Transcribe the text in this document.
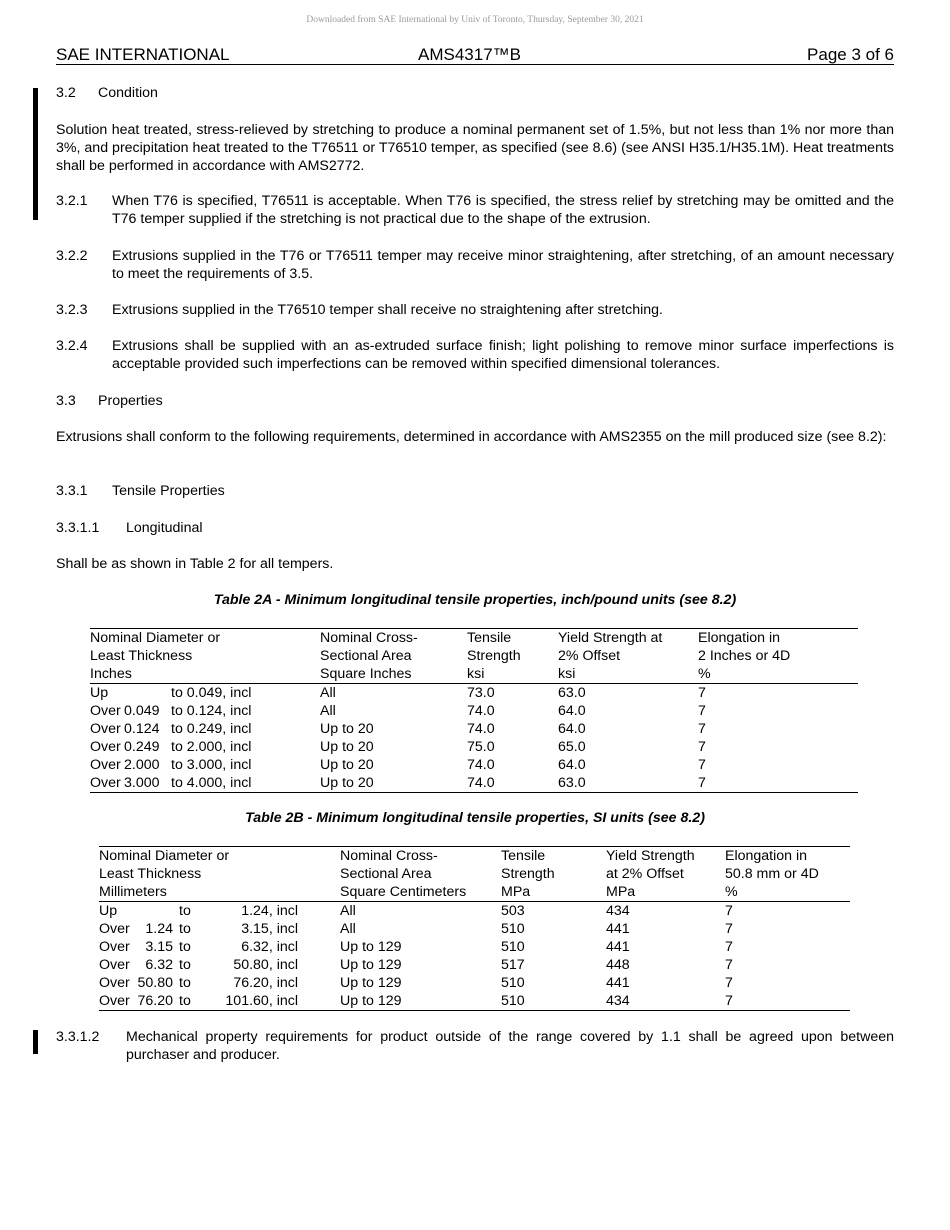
Downloaded from SAE International by Univ of Toronto, Thursday, September 30, 2021
SAE INTERNATIONAL	AMS4317™B	Page 3 of 6
3.2 Condition
Solution heat treated, stress-relieved by stretching to produce a nominal permanent set of 1.5%, but not less than 1% nor more than 3%, and precipitation heat treated to the T76511 or T76510 temper, as specified (see 8.6) (see ANSI H35.1/H35.1M). Heat treatments shall be performed in accordance with AMS2772.
3.2.1 When T76 is specified, T76511 is acceptable. When T76 is specified, the stress relief by stretching may be omitted and the T76 temper supplied if the stretching is not practical due to the shape of the extrusion.
3.2.2 Extrusions supplied in the T76 or T76511 temper may receive minor straightening, after stretching, of an amount necessary to meet the requirements of 3.5.
3.2.3 Extrusions supplied in the T76510 temper shall receive no straightening after stretching.
3.2.4 Extrusions shall be supplied with an as-extruded surface finish; light polishing to remove minor surface imperfections is acceptable provided such imperfections can be removed within specified dimensional tolerances.
3.3 Properties
Extrusions shall conform to the following requirements, determined in accordance with AMS2355 on the mill produced size (see 8.2):
3.3.1 Tensile Properties
3.3.1.1 Longitudinal
Shall be as shown in Table 2 for all tempers.
Table 2A - Minimum longitudinal tensile properties, inch/pound units (see 8.2)
Nominal Diameter or	Nominal Cross-	Tensile	Yield Strength at	Elongation in
Least Thickness	Sectional Area	Strength	2% Offset	2 Inches or 4D
Inches	Square Inches	ksi	ksi	%
Up to 0.049, incl	All	73.0	63.0	7
Over 0.049 to 0.124, incl	All	74.0	64.0	7
Over 0.124 to 0.249, incl	Up to 20	74.0	64.0	7
Over 0.249 to 2.000, incl	Up to 20	75.0	65.0	7
Over 2.000 to 3.000, incl	Up to 20	74.0	64.0	7
Over 3.000 to 4.000, incl	Up to 20	74.0	63.0	7
Table 2B - Minimum longitudinal tensile properties, SI units (see 8.2)
Nominal Diameter or	Nominal Cross-	Tensile	Yield Strength	Elongation in
Least Thickness	Sectional Area	Strength	at 2% Offset	50.8 mm or 4D
Millimeters	Square Centimeters	MPa	MPa	%
Up to 1.24, incl	All	503	434	7
Over 1.24 to 3.15, incl	All	510	441	7
Over 3.15 to 6.32, incl	Up to 129	510	441	7
Over 6.32 to 50.80, incl	Up to 129	517	448	7
Over 50.80 to 76.20, incl	Up to 129	510	441	7
Over 76.20 to 101.60, incl	Up to 129	510	434	7
3.3.1.2 Mechanical property requirements for product outside of the range covered by 1.1 shall be agreed upon between purchaser and producer.
